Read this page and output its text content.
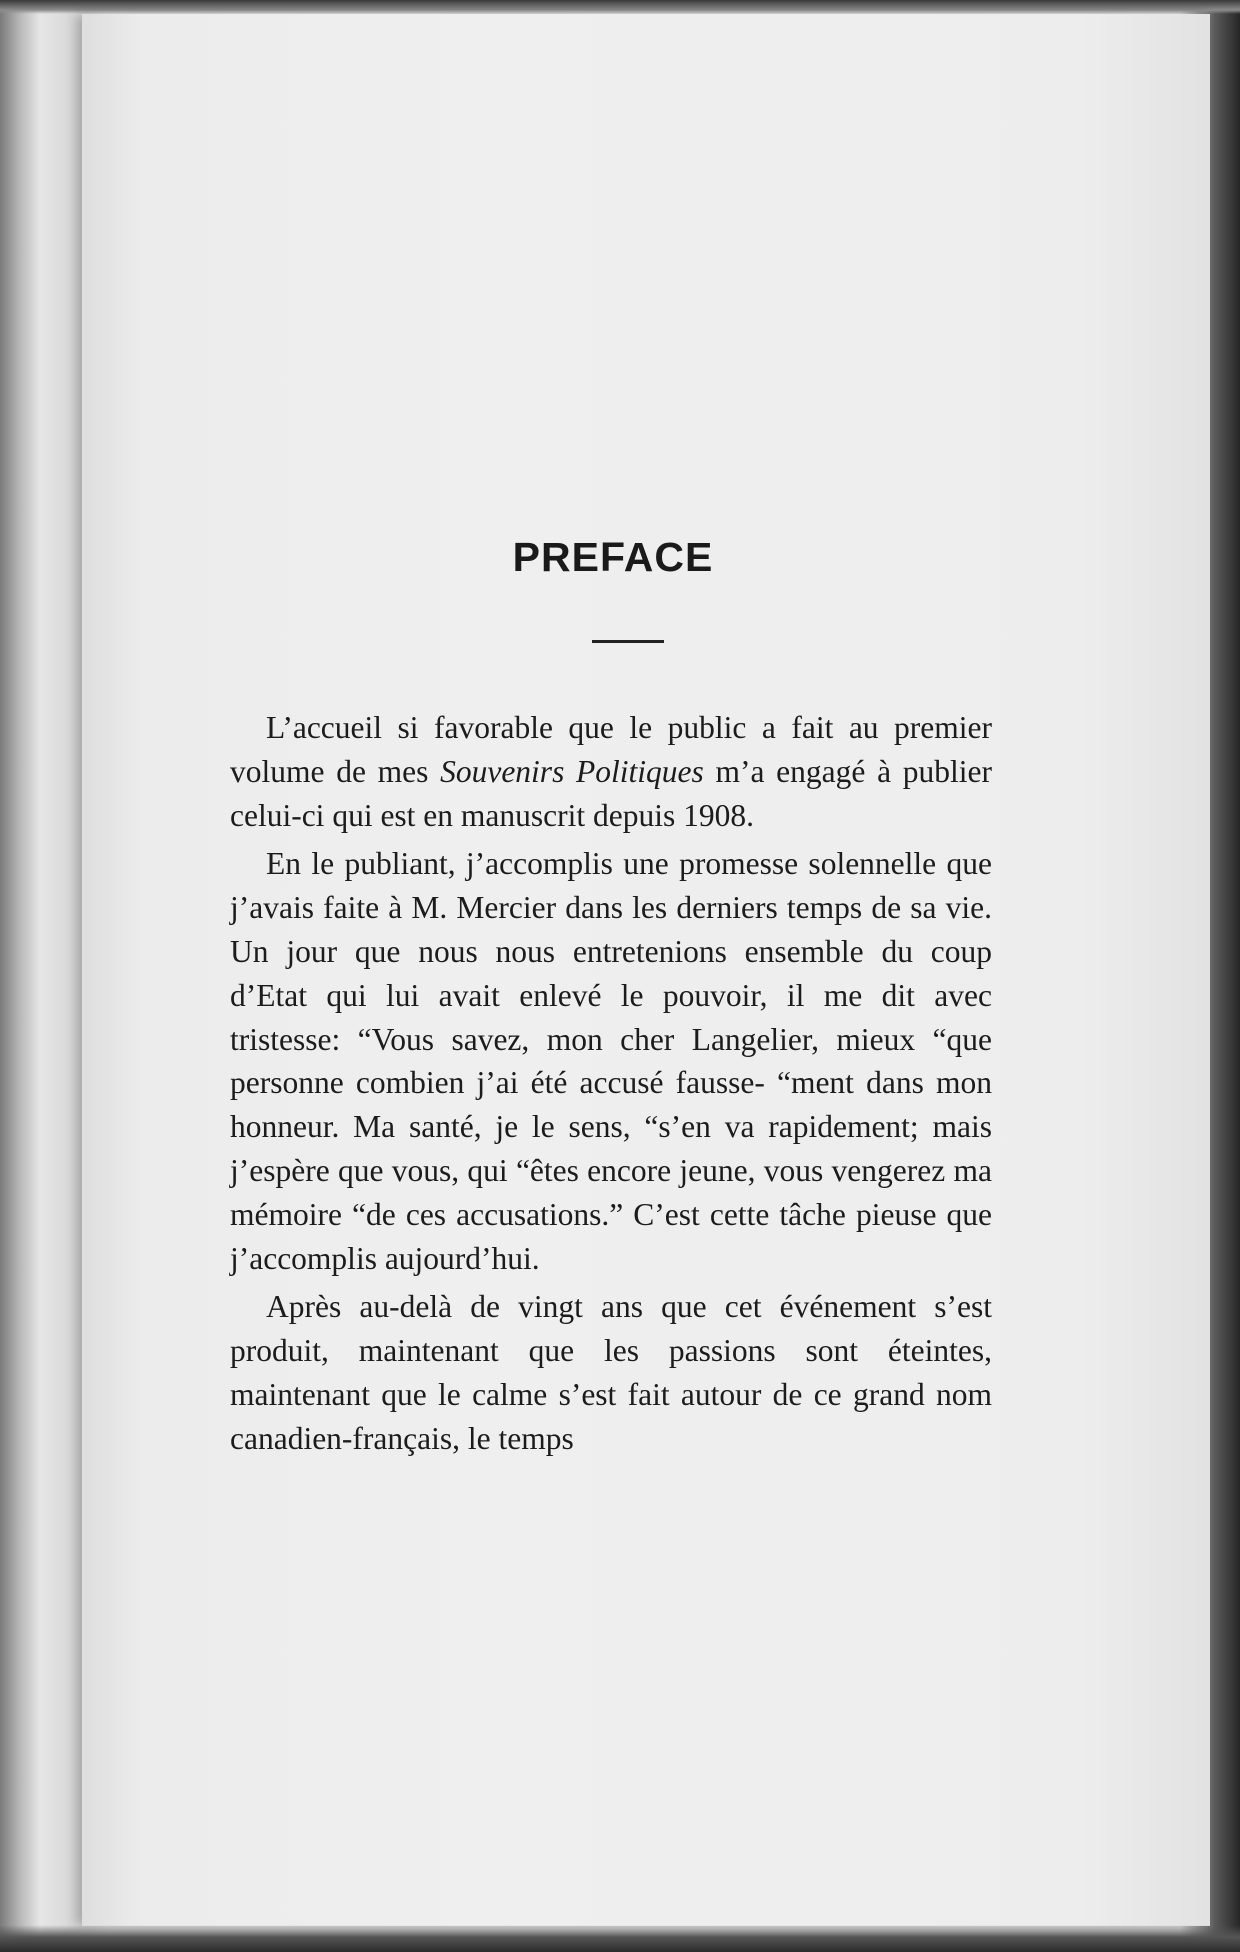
PREFACE

L’accueil si favorable que le public a fait au premier volume de mes Souvenirs Politiques m’a engagé à publier celui-ci qui est en manuscrit depuis 1908.

En le publiant, j’accomplis une promesse solennelle que j’avais faite à M. Mercier dans les derniers temps de sa vie. Un jour que nous nous entretenions ensemble du coup d’Etat qui lui avait enlevé le pouvoir, il me dit avec tristesse: “Vous savez, mon cher Langelier, mieux “que personne combien j’ai été accusé fausse- “ment dans mon honneur. Ma santé, je le sens, “s’en va rapidement; mais j’espère que vous, qui “êtes encore jeune, vous vengerez ma mémoire “de ces accusations.” C’est cette tâche pieuse que j’accomplis aujourd’hui.

Après au-delà de vingt ans que cet événement s’est produit, maintenant que les passions sont éteintes, maintenant que le calme s’est fait autour de ce grand nom canadien-français, le temps
